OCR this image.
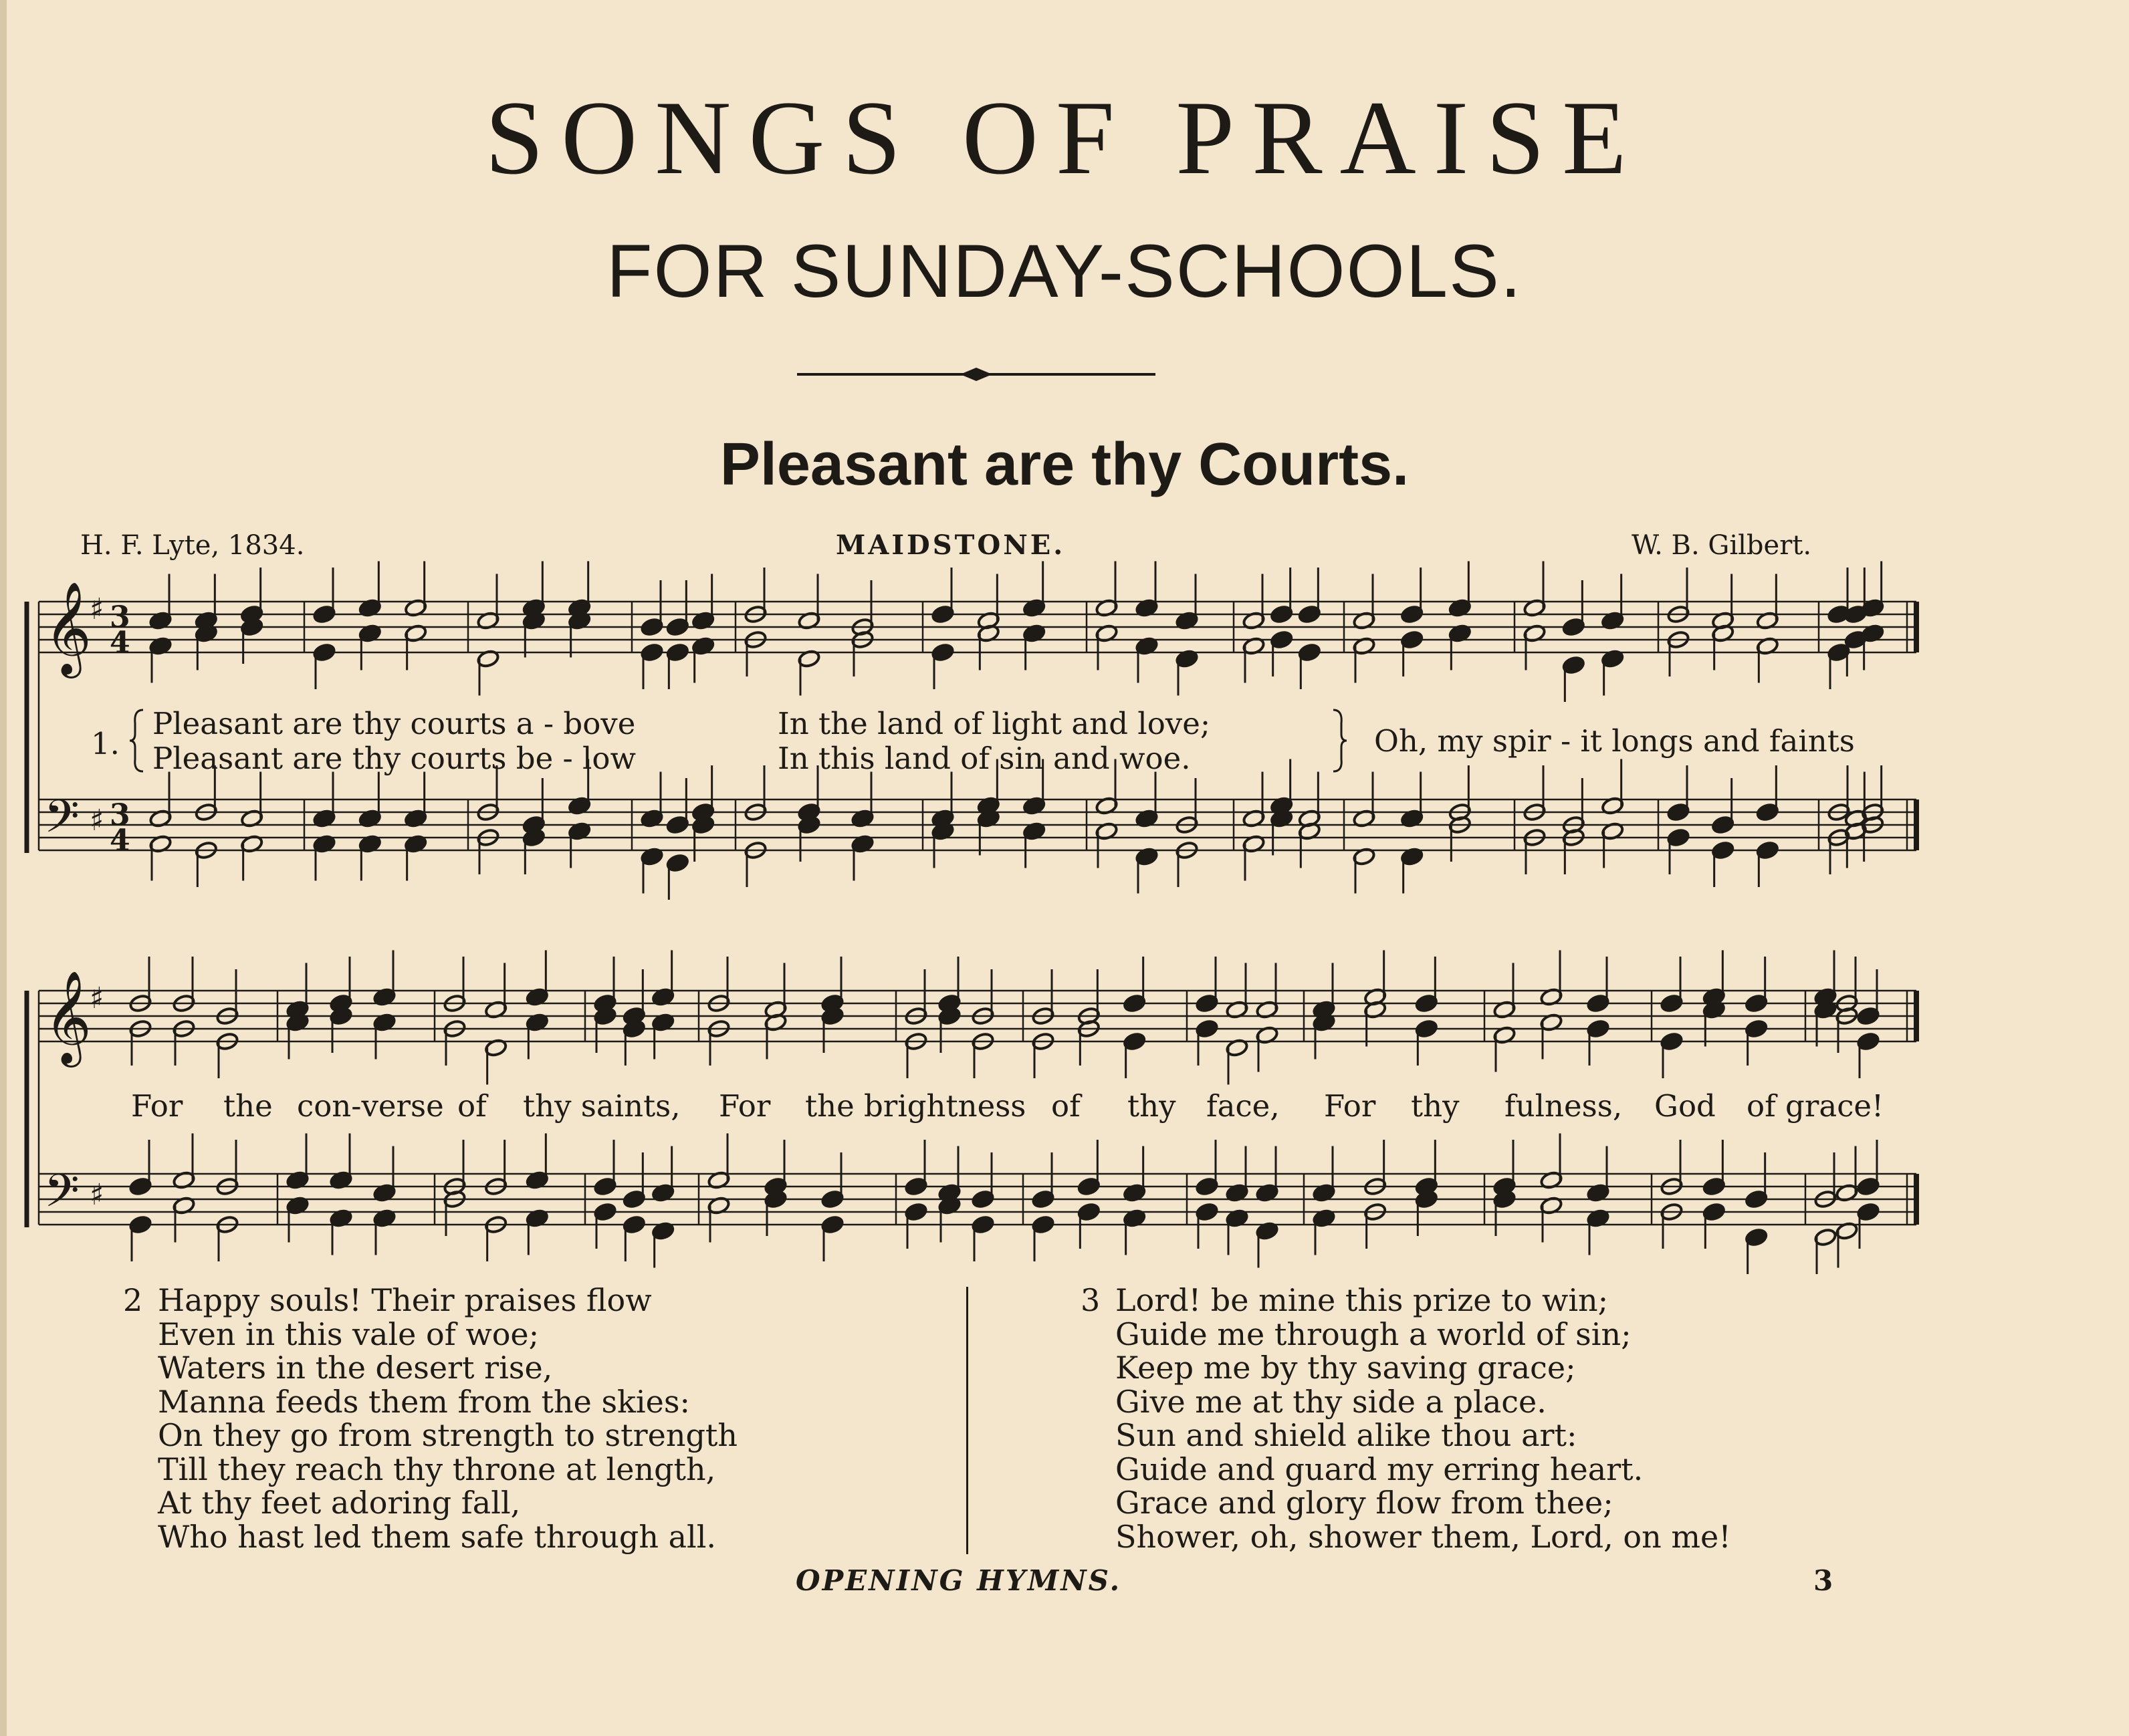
SONGS OF PRAISE
FOR SUNDAY-SCHOOLS.
Pleasant are thy Courts.
H. F. Lyte, 1834.	MAIDSTONE.	W. B. Gilbert.
𝄞
♯ 3
4
𝄢 ♯ 3
4
𝄞
♯
𝄢 ♯
1.
Pleasant are thy courts a - bove	In the land of light and love;
Pleasant are thy courts be - low	In this land of sin and woe.	Oh, my spir - it longs and faints
For the con-verse of thy saints, For the brightness of thy face, For thy fulness, God of grace!
2 Happy souls! Their praises flow
Even in this vale of woe;
Waters in the desert rise,
Manna feeds them from the skies:
On they go from strength to strength
Till they reach thy throne at length,
At thy feet adoring fall,
Who hast led them safe through all.
3 Lord! be mine this prize to win;
Guide me through a world of sin;
Keep me by thy saving grace;
Give me at thy side a place.
Sun and shield alike thou art:
Guide and guard my erring heart.
Grace and glory flow from thee;
Shower, oh, shower them, Lord, on me!
OPENING HYMNS.	3
